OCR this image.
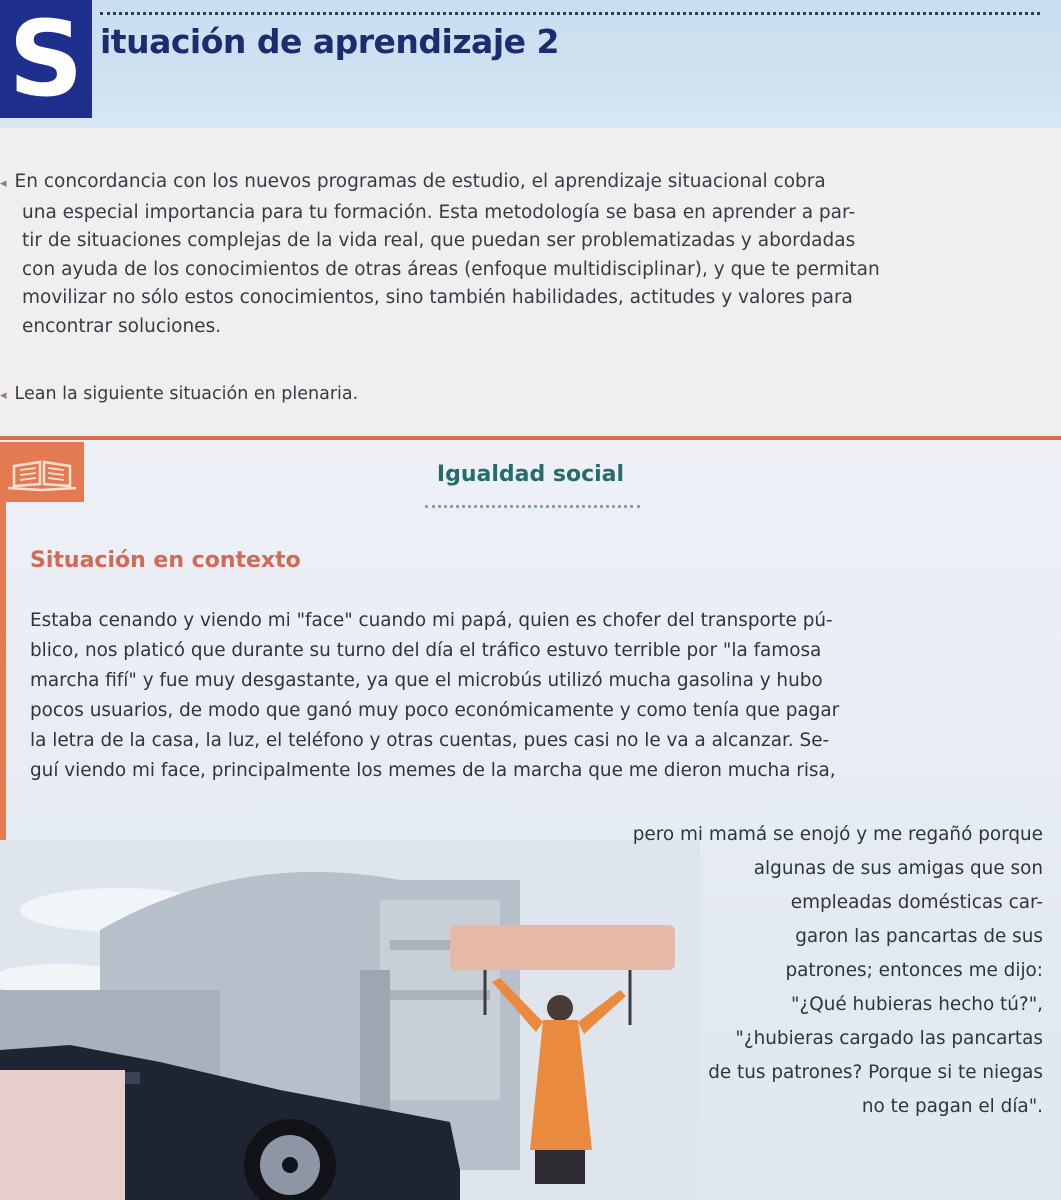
S ituación de aprendizaje 2
◂ En concordancia con los nuevos programas de estudio, el aprendizaje situacional cobra
una especial importancia para tu formación. Esta metodología se basa en aprender a par-
tir de situaciones complejas de la vida real, que puedan ser problematizadas y abordadas
con ayuda de los conocimientos de otras áreas (enfoque multidisciplinar), y que te permitan
movilizar no sólo estos conocimientos, sino también habilidades, actitudes y valores para
encontrar soluciones.
◂ Lean la siguiente situación en plenaria.
Igualdad social
Situación en contexto
Estaba cenando y viendo mi "face" cuando mi papá, quien es chofer del transporte pú-
blico, nos platicó que durante su turno del día el tráfico estuvo terrible por "la famosa
marcha fifí" y fue muy desgastante, ya que el microbús utilizó mucha gasolina y hubo
pocos usuarios, de modo que ganó muy poco económicamente y como tenía que pagar
la letra de la casa, la luz, el teléfono y otras cuentas, pues casi no le va a alcanzar. Se-
guí viendo mi face, principalmente los memes de la marcha que me dieron mucha risa,
pero mi mamá se enojó y me regañó porque
algunas de sus amigas que son
empleadas domésticas car-
garon las pancartas de sus
patrones; entonces me dijo:
"¿Qué hubieras hecho tú?",
"¿hubieras cargado las pancartas
de tus patrones? Porque si te niegas
no te pagan el día".
